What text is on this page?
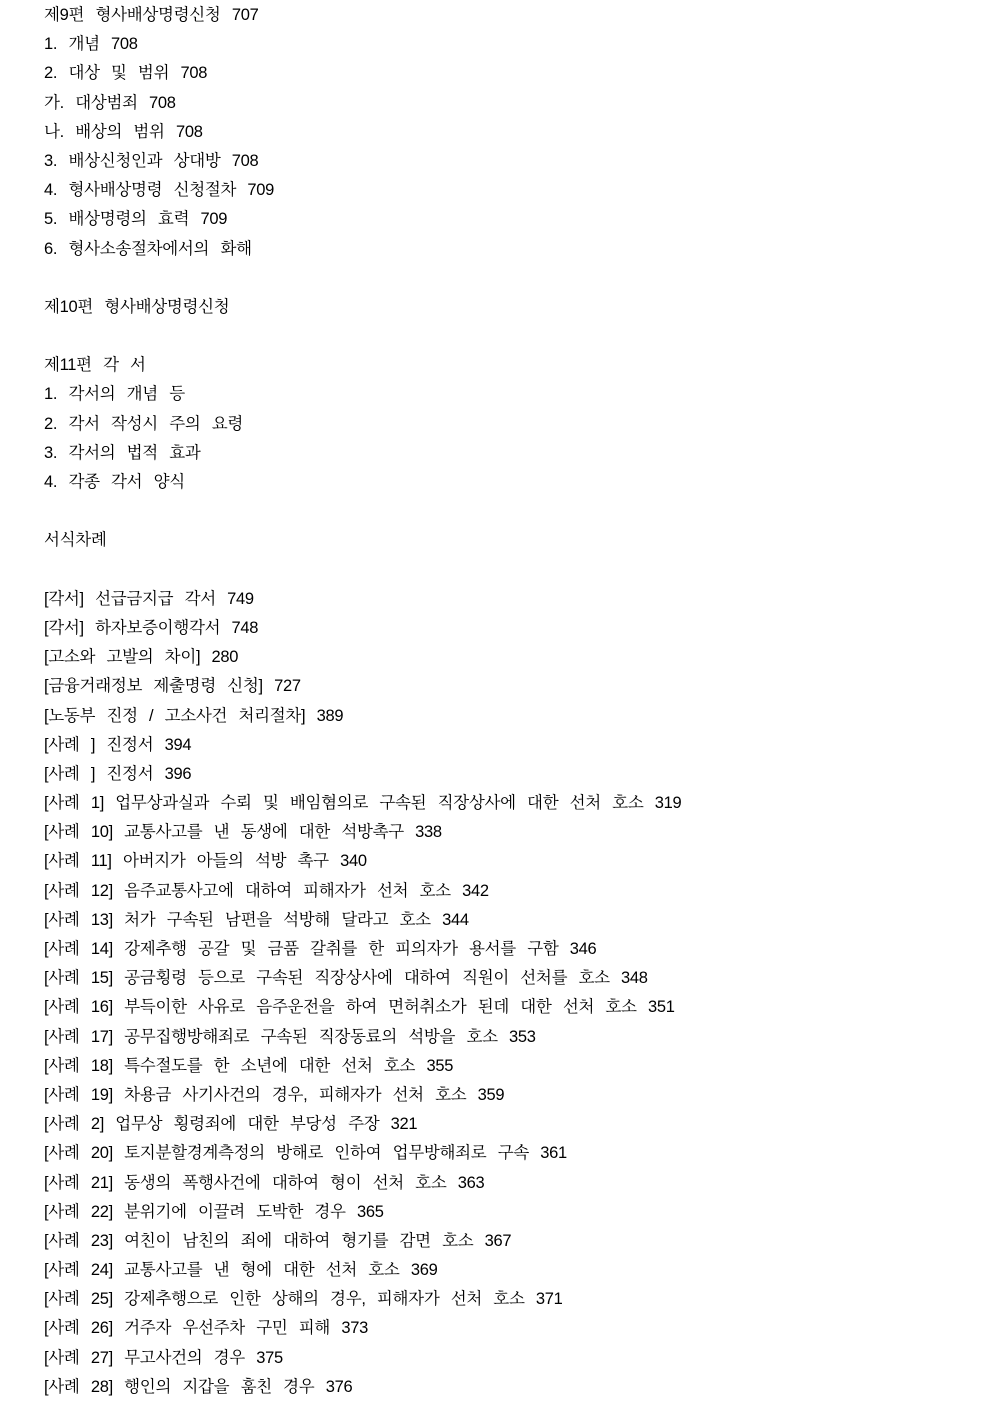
제9편 형사배상명령신청 707
1. 개념 708
2. 대상 및 범위 708
가. 대상범죄 708
나. 배상의 범위 708
3. 배상신청인과 상대방 708
4. 형사배상명령 신청절차 709
5. 배상명령의 효력 709
6. 형사소송절차에서의 화해
제10편 형사배상명령신청
제11편 각 서
1. 각서의 개념 등
2. 각서 작성시 주의 요령
3. 각서의 법적 효과
4. 각종 각서 양식
서식차례
[각서] 선급금지급 각서 749
[각서] 하자보증이행각서 748
[고소와 고발의 차이] 280
[금융거래정보 제출명령 신청] 727
[노동부 진정 / 고소사건 처리절차] 389
[사례 ] 진정서 394
[사례 ] 진정서 396
[사례 1] 업무상과실과 수뢰 및 배임혐의로 구속된 직장상사에 대한 선처 호소 319
[사례 10] 교통사고를 낸 동생에 대한 석방촉구 338
[사례 11] 아버지가 아들의 석방 촉구 340
[사례 12] 음주교통사고에 대하여 피해자가 선처 호소 342
[사례 13] 처가 구속된 남편을 석방해 달라고 호소 344
[사례 14] 강제추행 공갈 및 금품 갈취를 한 피의자가 용서를 구함 346
[사례 15] 공금횡령 등으로 구속된 직장상사에 대하여 직원이 선처를 호소 348
[사례 16] 부득이한 사유로 음주운전을 하여 면허취소가 된데 대한 선처 호소 351
[사례 17] 공무집행방해죄로 구속된 직장동료의 석방을 호소 353
[사례 18] 특수절도를 한 소년에 대한 선처 호소 355
[사례 19] 차용금 사기사건의 경우, 피해자가 선처 호소 359
[사례 2] 업무상 횡령죄에 대한 부당성 주장 321
[사례 20] 토지분할경계측정의 방해로 인하여 업무방해죄로 구속 361
[사례 21] 동생의 폭행사건에 대하여 형이 선처 호소 363
[사례 22] 분위기에 이끌려 도박한 경우 365
[사례 23] 여친이 남친의 죄에 대하여 형기를 감면 호소 367
[사례 24] 교통사고를 낸 형에 대한 선처 호소 369
[사례 25] 강제추행으로 인한 상해의 경우, 피해자가 선처 호소 371
[사례 26] 거주자 우선주차 구민 피해 373
[사례 27] 무고사건의 경우 375
[사례 28] 행인의 지갑을 훔친 경우 376
